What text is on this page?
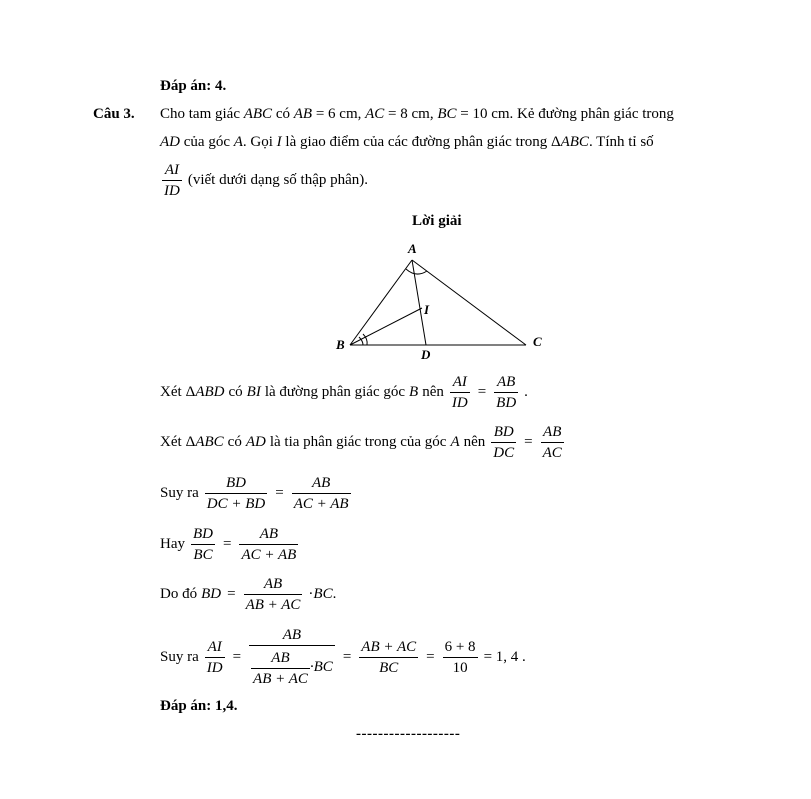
Đáp án: 4.
Câu 3. Cho tam giác ABC có AB = 6 cm, AC = 8 cm, BC = 10 cm. Kẻ đường phân giác trong
AD của góc A. Gọi I là giao điểm của các đường phân giác trong ΔABC. Tính tỉ số
$\frac{AI}{ID}$ (viết dưới dạng số thập phân).
Lời giải
A
B	C
D
I
Xét ΔABD có BI là đường phân giác góc B nên $\frac{AI}{ID} = \frac{AB}{BD}$ .
Xét ΔABC có AD là tia phân giác trong của góc A nên $\frac{BD}{DC} = \frac{AB}{AC}$
Suy ra $\frac{BD}{DC + BD} = \frac{AB}{AC + AB}$
Hay $\frac{BD}{BC} = \frac{AB}{AC + AB}$
Do đó BD = $\frac{AB}{AB + AC} \cdot BC$.
Suy ra $\frac{AI}{ID} = \frac{AB}{\frac{AB}{AB + AC} \cdot BC} = \frac{AB + AC}{BC} = \frac{6 + 8}{10} = 1$, 4 .
Đáp án: 1,4.
-------------------
